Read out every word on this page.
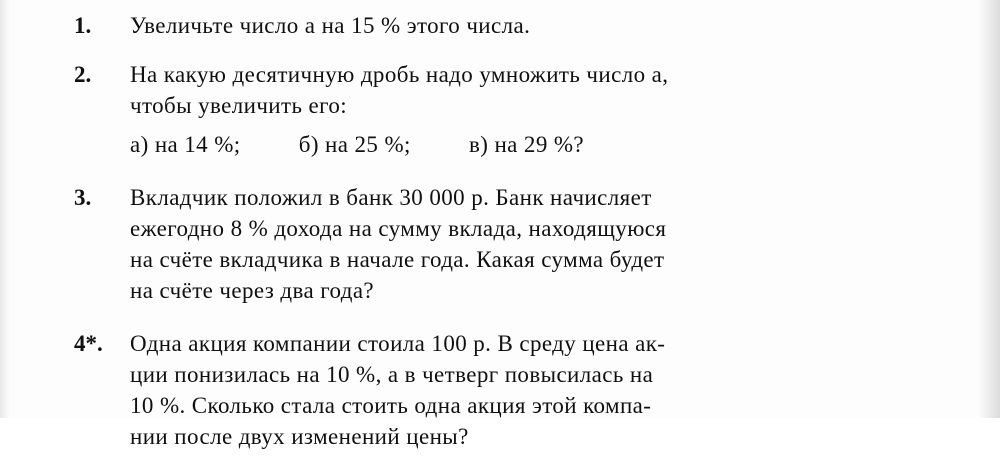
1.	Увеличьте число a на 15 % этого числа.
2.	На какую десятичную дробь надо умножить число a,
чтобы увеличить его:
а) на 14 %;	б) на 25 %;	в) на 29 %?
3.	Вкладчик положил в банк 30 000 р. Банк начисляет
ежегодно 8 % дохода на сумму вклада, находящуюся
на счёте вкладчика в начале года. Какая сумма будет
на счёте через два года?
4*.	Одна акция компании стоила 100 р. В среду цена ак-
ции понизилась на 10 %, а в четверг повысилась на
10 %. Сколько стала стоить одна акция этой компа-
нии после двух изменений цены?
